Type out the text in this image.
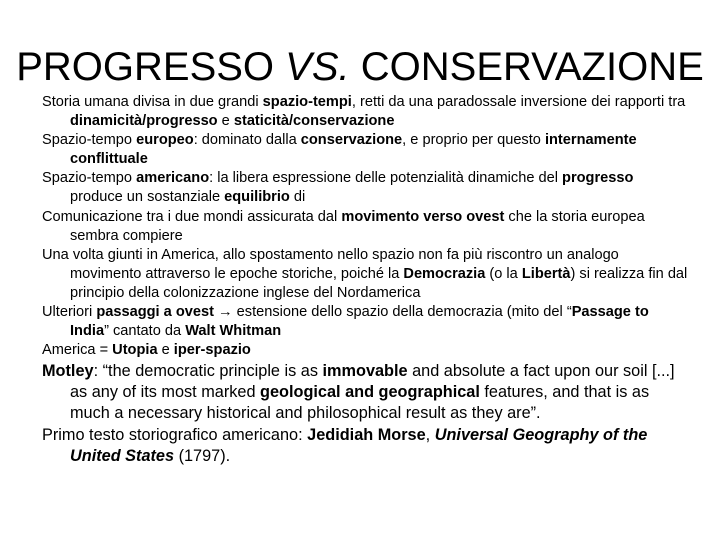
PROGRESSO VS. CONSERVAZIONE

Storia umana divisa in due grandi spazio-tempi, retti da una paradossale inversione dei rapporti tra dinamicità/progresso e staticità/conservazione

Spazio-tempo europeo: dominato dalla conservazione, e proprio per questo internamente conflittuale

Spazio-tempo americano: la libera espressione delle potenzialità dinamiche del progresso produce un sostanziale equilibrio di

Comunicazione tra i due mondi assicurata dal movimento verso ovest che la storia europea sembra compiere

Una volta giunti in America, allo spostamento nello spazio non fa più riscontro un analogo movimento attraverso le epoche storiche, poiché la Democrazia (o la Libertà) si realizza fin dal principio della colonizzazione inglese del Nordamerica

Ulteriori passaggi a ovest → estensione dello spazio della democrazia (mito del “Passage to India” cantato da Walt Whitman

America = Utopia e iper-spazio

Motley: “the democratic principle is as immovable and absolute a fact upon our soil [...] as any of its most marked geological and geographical features, and that is as much a necessary historical and philosophical result as they are”.

Primo testo storiografico americano: Jedidiah Morse, Universal Geography of the United States (1797).
